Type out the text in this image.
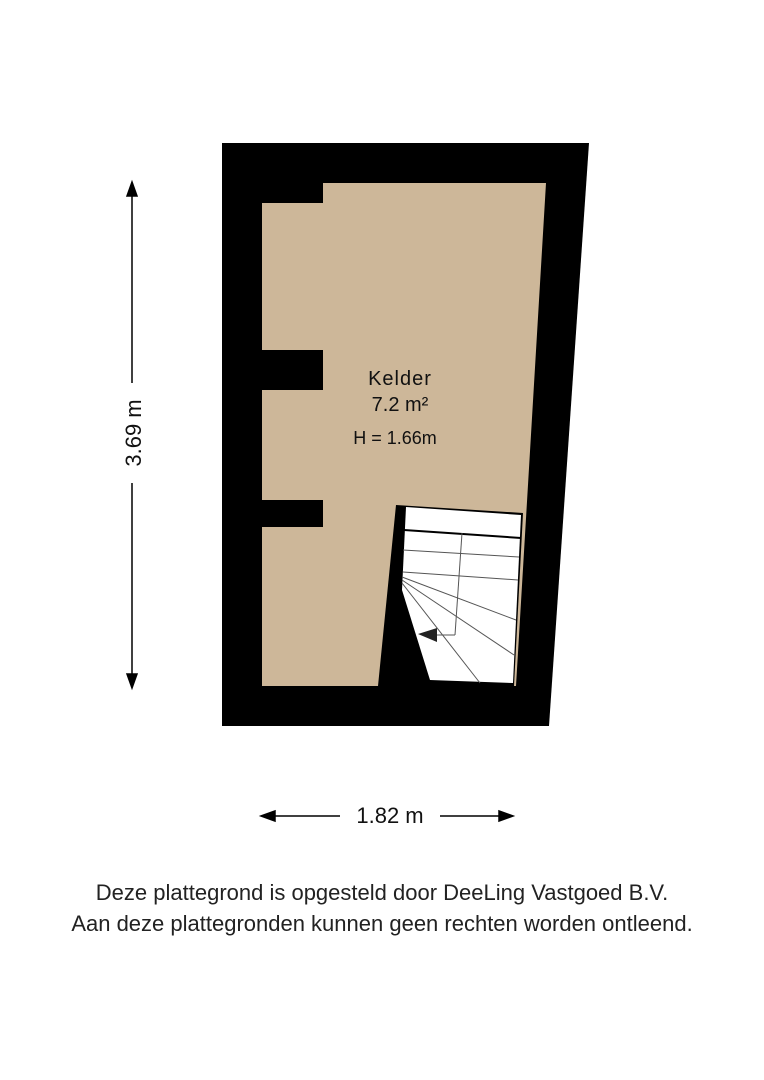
Kelder
7.2 m²
H = 1.66m
3.69 m
1.82 m
Deze plattegrond is opgesteld door DeeLing Vastgoed B.V.
Aan deze plattegronden kunnen geen rechten worden ontleend.
